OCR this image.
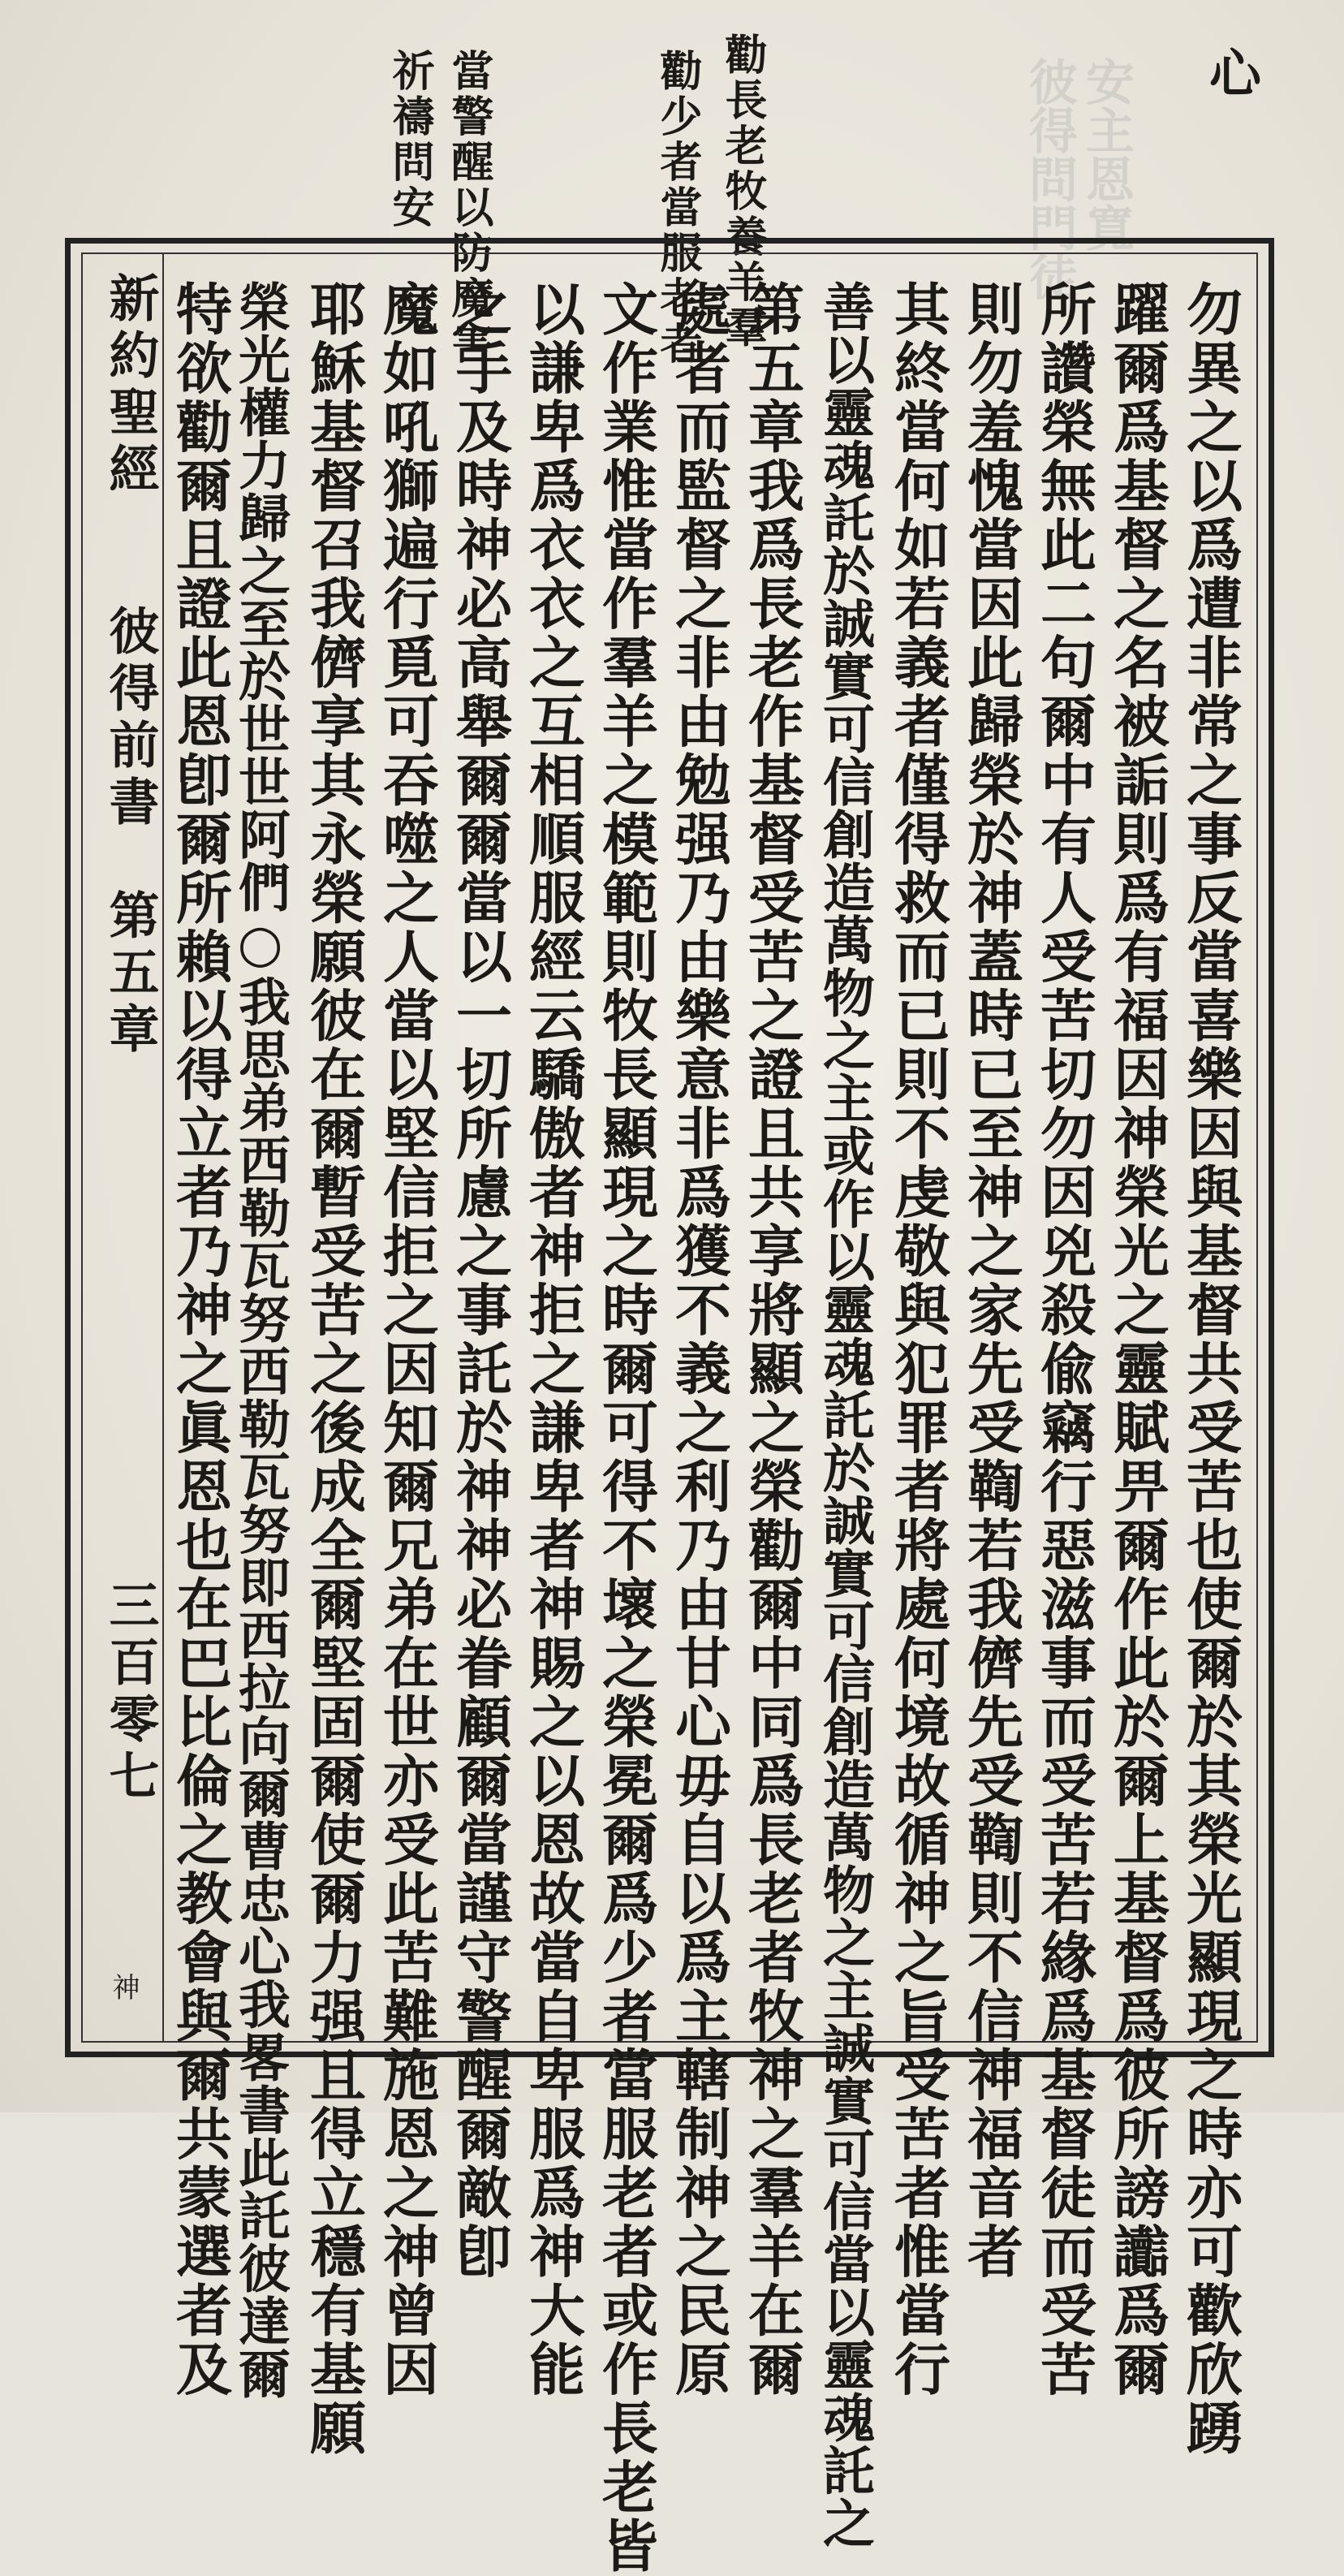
彼得問門徒 安主恩寬 心
勸長老牧養羊羣
勸少者當服老者
當警醒以防魔害
祈禱問安
新約聖經
彼得前書　第五章
三百零七
神	勿異之以爲遭非常之事反當喜樂因與基督共受苦也使爾於其榮光顯現之時亦可歡欣踴
躍爾爲基督之名被詬則爲有福因神榮光之靈賦畀爾作此於爾上基督爲彼所謗讟爲爾
所讚榮無此二句爾中有人受苦切勿因兇殺偸竊行惡滋事而受苦若緣爲基督徒而受苦
則勿羞愧當因此歸榮於神蓋時已至神之家先受鞫若我儕先受鞫則不信神福音者
其終當何如若義者僅得救而已則不虔敬與犯罪者將處何境故循神之旨受苦者惟當行
善以靈魂託於誠實可信創造萬物之主或作以靈魂託於誠實可信創造萬物之主誠實可信當以靈魂託之
第五章我爲長老作基督受苦之證且共享將顯之榮勸爾中同爲長老者牧神之羣羊在爾
處者而監督之非由勉强乃由樂意非爲獲不義之利乃由甘心毋自以爲主轄制神之民原
文作業惟當作羣羊之模範則牧長顯現之時爾可得不壞之榮冕爾爲少者當服老者或作長老皆
以謙卑爲衣衣之互相順服經云驕傲者神拒之謙卑者神賜之以恩故當自卑服爲神大能
之手及時神必高舉爾爾當以一切所慮之事託於神神必眷顧爾當謹守警醒爾敵卽
魔如吼獅遍行覓可吞噬之人當以堅信拒之因知爾兄弟在世亦受此苦難施恩之神曾因
耶穌基督召我儕享其永榮願彼在爾暫受苦之後成全爾堅固爾使爾力强且得立穩有基願
榮光權力歸之至於世世阿們○我思弟西勒瓦努西勒瓦努即西拉向爾曹忠心我畧書此託彼達爾
特欲勸爾且證此恩卽爾所賴以得立者乃神之眞恩也在巴比倫之教會與爾共蒙選者及
